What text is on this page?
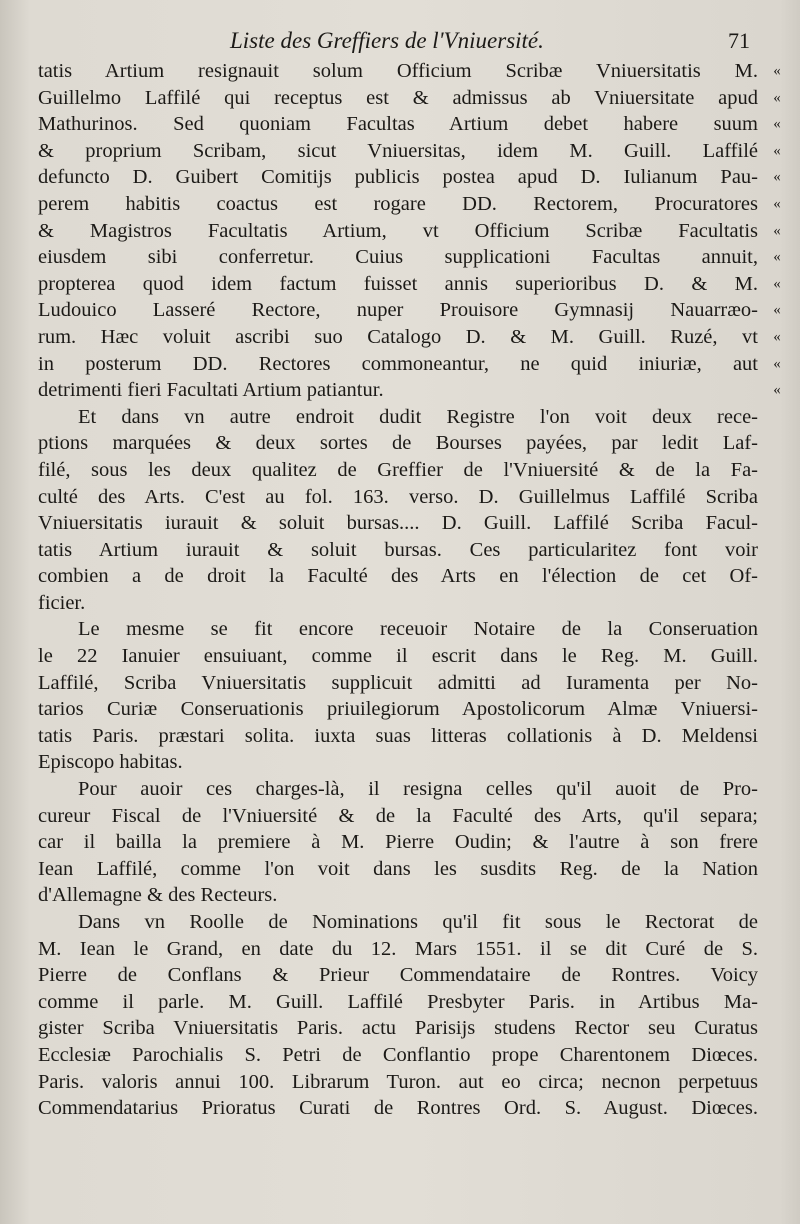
Liste des Greffiers de l'Vniuersité.	71
tatis Artium resignauit solum Officium Scribæ Vniuersitatis M.
Guillelmo Laffilé qui receptus est & admissus ab Vniuersitate apud
Mathurinos. Sed quoniam Facultas Artium debet habere suum
& proprium Scribam, sicut Vniuersitas, idem M. Guill. Laffilé
defuncto D. Guibert Comitijs publicis postea apud D. Iulianum Pau-
perem habitis coactus est rogare DD. Rectorem, Procuratores
& Magistros Facultatis Artium, vt Officium Scribæ Facultatis
eiusdem sibi conferretur. Cuius supplicationi Facultas annuit,
propterea quod idem factum fuisset annis superioribus D. & M.
Ludouico Lasseré Rectore, nuper Prouisore Gymnasij Nauarræo-
rum. Hæc voluit ascribi suo Catalogo D. & M. Guill. Ruzé, vt
in posterum DD. Rectores commoneantur, ne quid iniuriæ, aut
detrimenti fieri Facultati Artium patiantur.
Et dans vn autre endroit dudit Registre l'on voit deux rece-
ptions marquées & deux sortes de Bourses payées, par ledit Laf-
filé, sous les deux qualitez de Greffier de l'Vniuersité & de la Fa-
culté des Arts. C'est au fol. 163. verso. D. Guillelmus Laffilé Scriba
Vniuersitatis iurauit & soluit bursas.... D. Guill. Laffilé Scriba Facul-
tatis Artium iurauit & soluit bursas. Ces particularitez font voir
combien a de droit la Faculté des Arts en l'élection de cet Of-
ficier.
Le mesme se fit encore receuoir Notaire de la Conseruation
le 22 Ianuier ensuiuant, comme il escrit dans le Reg. M. Guill.
Laffilé, Scriba Vniuersitatis supplicuit admitti ad Iuramenta per No-
tarios Curiæ Conseruationis priuilegiorum Apostolicorum Almæ Vniuersi-
tatis Paris. præstari solita. iuxta suas litteras collationis à D. Meldensi
Episcopo habitas.
Pour auoir ces charges-là, il resigna celles qu'il auoit de Pro-
cureur Fiscal de l'Vniuersité & de la Faculté des Arts, qu'il separa;
car il bailla la premiere à M. Pierre Oudin; & l'autre à son frere
Iean Laffilé, comme l'on voit dans les susdits Reg. de la Nation
d'Allemagne & des Recteurs.
Dans vn Roolle de Nominations qu'il fit sous le Rectorat de
M. Iean le Grand, en date du 12. Mars 1551. il se dit Curé de S.
Pierre de Conflans & Prieur Commendataire de Rontres. Voicy
comme il parle. M. Guill. Laffilé Presbyter Paris. in Artibus Ma-
gister Scriba Vniuersitatis Paris. actu Parisijs studens Rector seu Curatus
Ecclesiæ Parochialis S. Petri de Conflantio prope Charentonem Diœces.
Paris. valoris annui 100. Librarum Turon. aut eo circa; necnon perpetuus
Commendatarius Prioratus Curati de Rontres Ord. S. August. Diœces.
«
«
«
«
«
«
«
«
«
«
«
«
«
